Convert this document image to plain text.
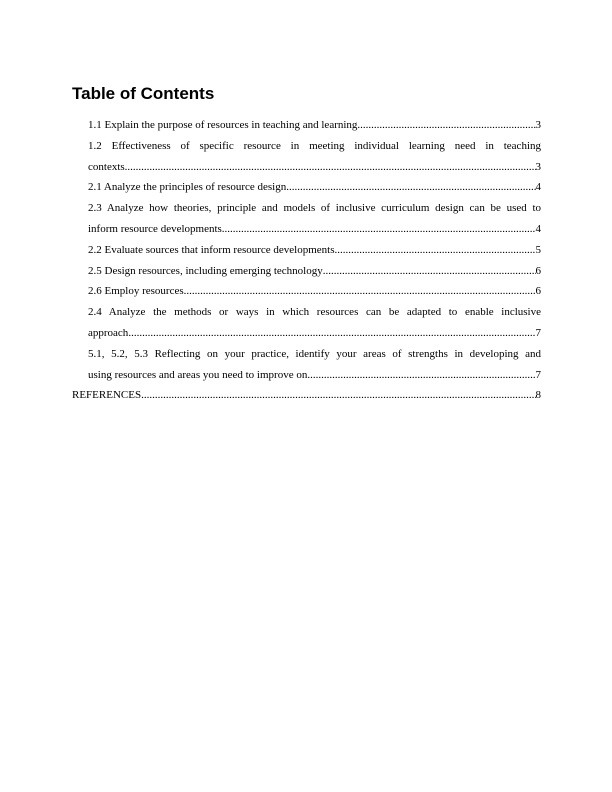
Table of Contents
1.1 Explain the purpose of resources in teaching and learning .....	3
1.2 Effectiveness of specific resource in meeting individual learning need in teaching
contexts .....	3
2.1 Analyze the principles of resource design .....	4
2.3 Analyze how theories, principle and models of inclusive curriculum design can be used to
inform resource developments .....	4
2.2 Evaluate sources that inform resource developments .....	5
2.5 Design resources, including emerging technology .....	6
2.6 Employ resources .....	6
2.4 Analyze the methods or ways in which resources can be adapted to enable inclusive
approach .....	7
5.1, 5.2, 5.3 Reflecting on your practice, identify your areas of strengths in developing and
using resources and areas you need to improve on .....	7
REFERENCES .....	8
